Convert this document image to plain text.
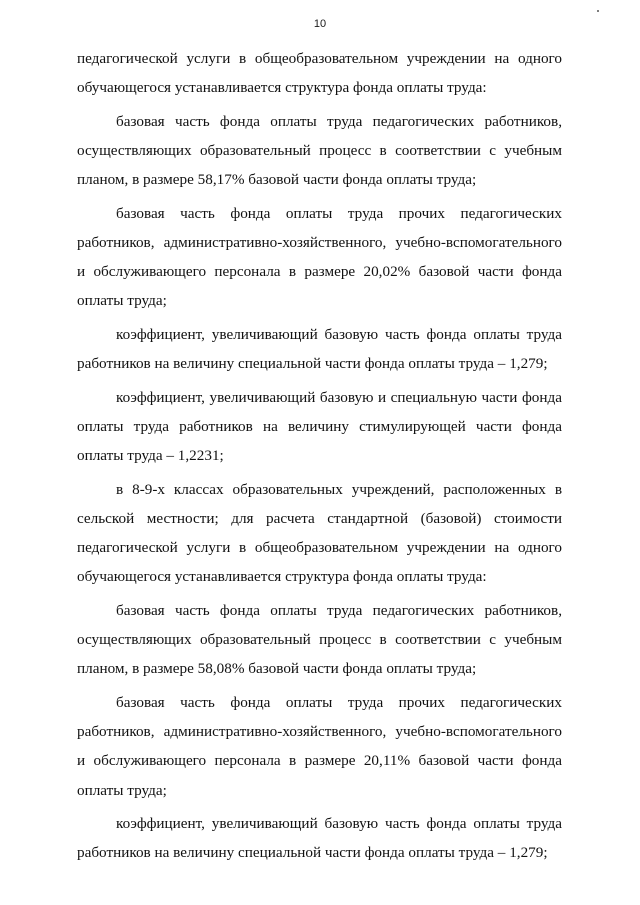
10

педагогической услуги в общеобразовательном учреждении на одного обучающегося устанавливается структура фонда оплаты труда:

базовая часть фонда оплаты труда педагогических работников, осуществляющих образовательный процесс в соответствии с учебным планом, в размере 58,17% базовой части фонда оплаты труда;

базовая часть фонда оплаты труда прочих педагогических работников, административно-хозяйственного, учебно-вспомогательного и обслуживающего персонала в размере 20,02% базовой части фонда оплаты труда;

коэффициент, увеличивающий базовую часть фонда оплаты труда работников на величину специальной части фонда оплаты труда – 1,279;

коэффициент, увеличивающий базовую и специальную части фонда оплаты труда работников на величину стимулирующей части фонда оплаты труда – 1,2231;

в 8-9-х классах образовательных учреждений, расположенных в сельской местности; для расчета стандартной (базовой) стоимости педагогической услуги в общеобразовательном учреждении на одного обучающегося устанавливается структура фонда оплаты труда:

базовая часть фонда оплаты труда педагогических работников, осуществляющих образовательный процесс в соответствии с учебным планом, в размере 58,08% базовой части фонда оплаты труда;

базовая часть фонда оплаты труда прочих педагогических работников, административно-хозяйственного, учебно-вспомогательного и обслуживающего персонала в размере 20,11% базовой части фонда оплаты труда;

коэффициент, увеличивающий базовую часть фонда оплаты труда работников на величину специальной части фонда оплаты труда – 1,279;
